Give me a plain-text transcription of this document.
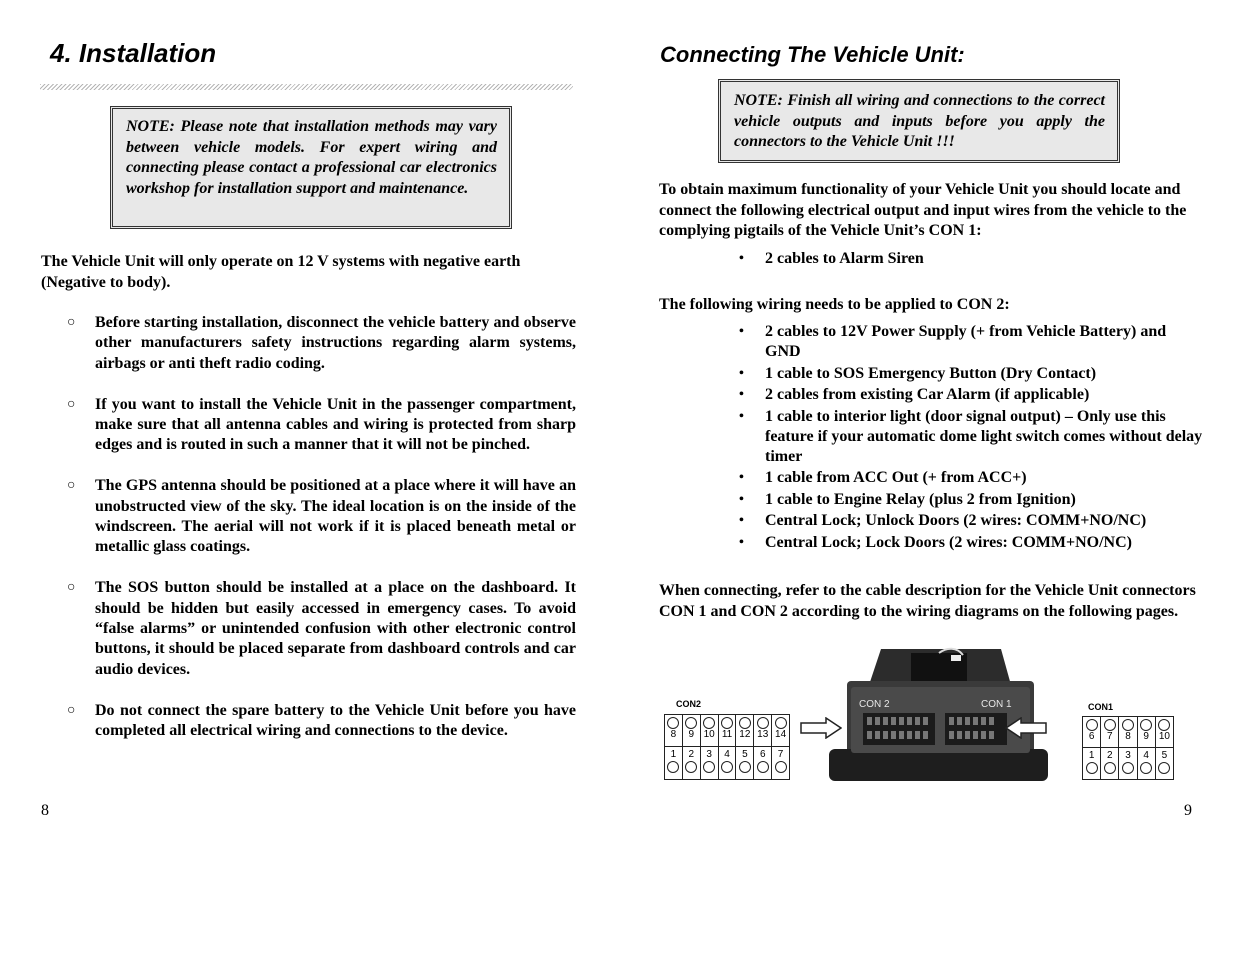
4. Installation
NOTE: Please note that installation methods may vary between vehicle models. For expert wiring and connecting please contact a professional car electronics workshop for installation support and maintenance.

The Vehicle Unit will only operate on 12 V systems with negative earth (Negative to body).

○ Before starting installation, disconnect the vehicle battery and observe other manufacturers safety instructions regarding alarm systems, airbags or anti theft radio coding.
○ If you want to install the Vehicle Unit in the passenger compartment, make sure that all antenna cables and wiring is protected from sharp edges and is routed in such a manner that it will not be pinched.
○ The GPS antenna should be positioned at a place where it will have an unobstructed view of the sky. The ideal location is on the inside of the windscreen. The aerial will not work if it is placed beneath metal or metallic glass coatings.
○ The SOS button should be installed at a place on the dashboard. It should be hidden but easily accessed in emergency cases. To avoid “false alarms” or unintended confusion with other electronic control buttons, it should be placed separate from dashboard controls and car audio devices.
○ Do not connect the spare battery to the Vehicle Unit before you have completed all electrical wiring and connections to the device.
8
Connecting The Vehicle Unit:
NOTE: Finish all wiring and connections to the correct vehicle outputs and inputs before you apply the connectors to the Vehicle Unit !!!

To obtain maximum functionality of your Vehicle Unit you should locate and connect the following electrical output and input wires from the vehicle to the complying pigtails of the Vehicle Unit’s CON 1:

• 2 cables to Alarm Siren

The following wiring needs to be applied to CON 2:

• 2 cables to 12V Power Supply (+ from Vehicle Battery) and GND
• 1 cable to SOS Emergency Button (Dry Contact)
• 2 cables from existing Car Alarm (if applicable)
• 1 cable to interior light (door signal output) – Only use this feature if your automatic dome light switch comes without delay timer
• 1 cable from ACC Out (+ from ACC+)
• 1 cable to Engine Relay (plus 2 from Ignition)
• Central Lock; Unlock Doors (2 wires: COMM+NO/NC)
• Central Lock; Lock Doors (2 wires: COMM+NO/NC)

When connecting, refer to the cable description for the Vehicle Unit connectors CON 1 and CON 2 according to the wiring diagrams on the following pages.

CON2
8 9 10 11 12 13 14
1 2 3 4 5 6 7
CON 2	CON 1	CON1
6 7 8 9 10
1 2 3 4 5
9
